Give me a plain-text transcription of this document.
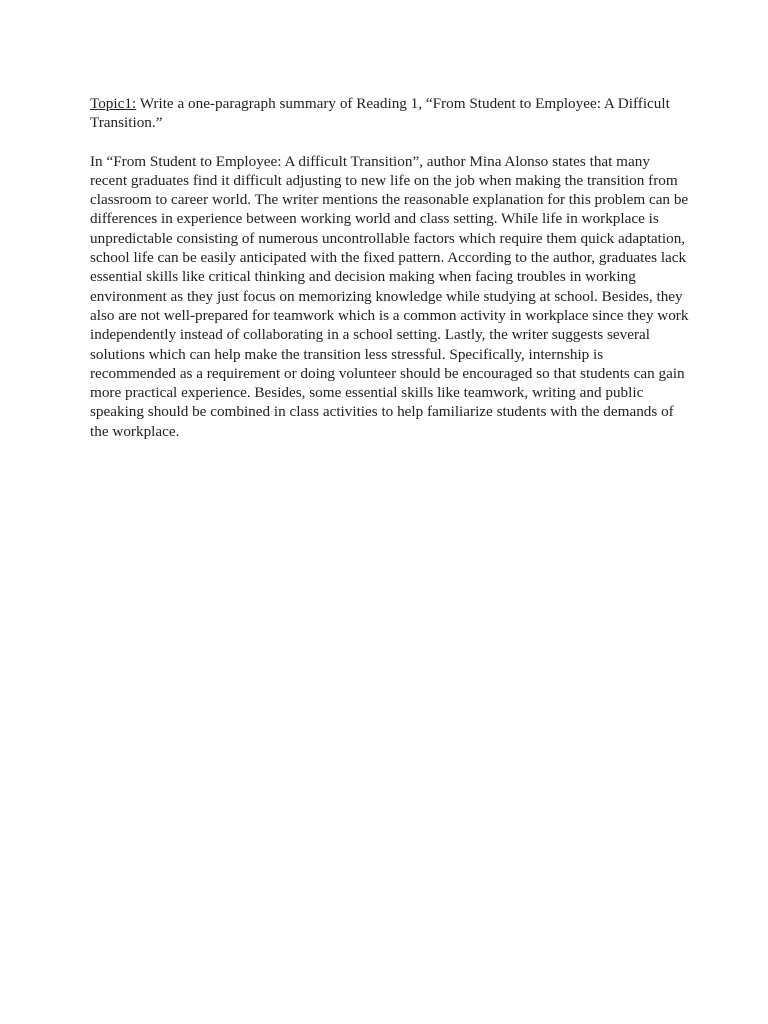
Topic1: Write a one-paragraph summary of Reading 1, “From Student to Employee: A Difficult Transition.”

In “From Student to Employee: A difficult Transition”, author Mina Alonso states that many recent graduates find it difficult adjusting to new life on the job when making the transition from classroom to career world. The writer mentions the reasonable explanation for this problem can be differences in experience between working world and class setting. While life in workplace is unpredictable consisting of numerous uncontrollable factors which require them quick adaptation, school life can be easily anticipated with the fixed pattern. According to the author, graduates lack essential skills like critical thinking and decision making when facing troubles in working environment as they just focus on memorizing knowledge while studying at school. Besides, they also are not well-prepared for teamwork which is a common activity in workplace since they work independently instead of collaborating in a school setting. Lastly, the writer suggests several solutions which can help make the transition less stressful. Specifically, internship is recommended as a requirement or doing volunteer should be encouraged so that students can gain more practical experience. Besides, some essential skills like teamwork, writing and public speaking should be combined in class activities to help familiarize students with the demands of the workplace.
